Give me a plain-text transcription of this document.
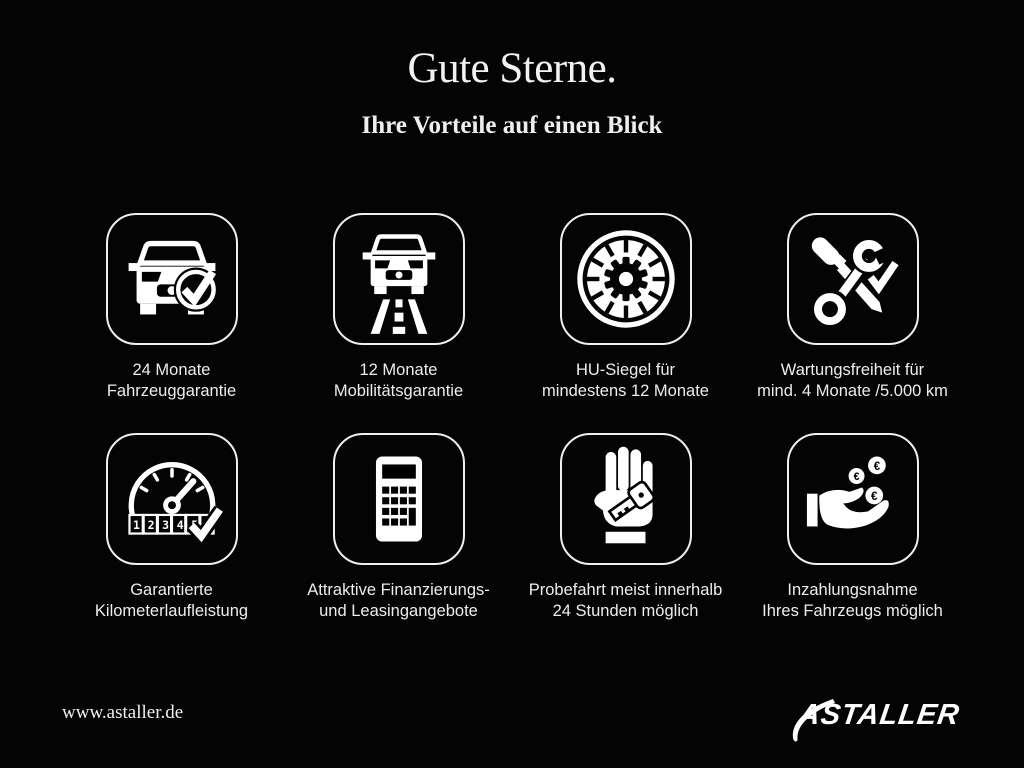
Gute Sterne.
Ihre Vorteile auf einen Blick
24 Monate
Fahrzeuggarantie
12 Monate
Mobilitätsgarantie
HU-Siegel für
mindestens 12 Monate
Wartungsfreiheit für
mind. 4 Monate /5.000 km
123456
Garantierte
Kilometerlaufleistung
Attraktive Finanzierungs-
und Leasingangebote
Probefahrt meist innerhalb
24 Stunden möglich
€
€
€
Inzahlungsnahme
Ihres Fahrzeugs möglich
www.astaller.de	ASTALLER
